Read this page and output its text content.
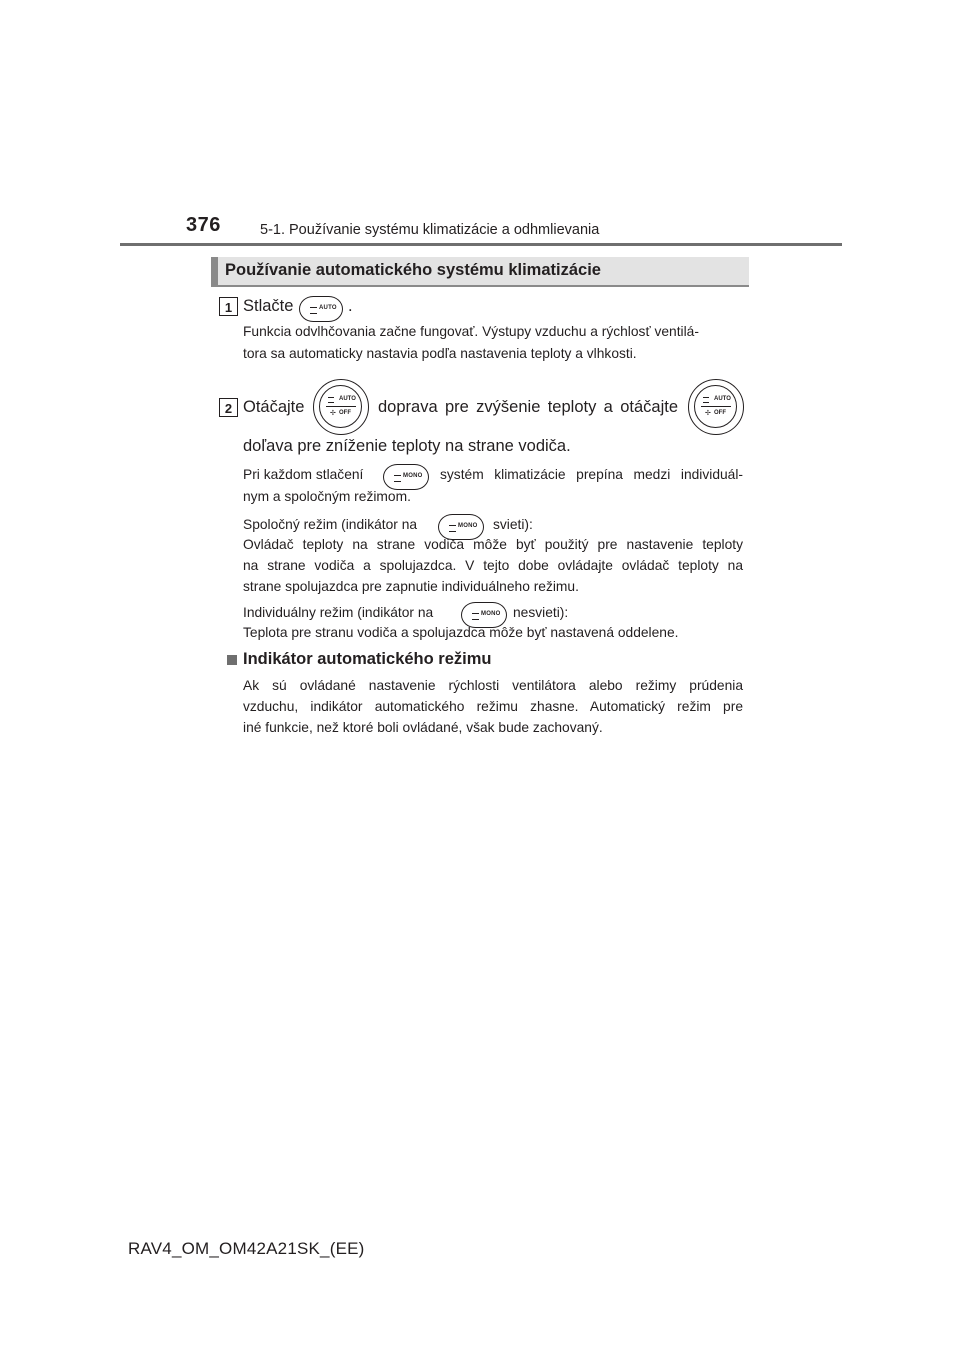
376	5-1. Používanie systému klimatizácie a odhmlievania
Používanie automatického systému klimatizácie
1 Stlačte	AUTO .
Funkcia odvlhčovania začne fungovať. Výstupy vzduchu a rýchlosť ventilá-
tora sa automaticky nastavia podľa nastavenia teploty a vlhkosti.
2 Otáčajte	AUTO
✢ OFF doprava pre zvýšenie teploty a otáčajte	AUTO
✢ OFF
doľava pre zníženie teploty na strane vodiča.
Pri každom stlačení	MONO systém klimatizácie prepína medzi individuál-
nym a spoločným režimom.
Spoločný režim (indikátor na	MONO svieti):
Ovládač teploty na strane vodiča môže byť použitý pre nastavenie teploty
na strane vodiča a spolujazdca. V tejto dobe ovládajte ovládač teploty na
strane spolujazdca pre zapnutie individuálneho režimu.
Individuálny režim (indikátor na	MONO nesvieti):
Teplota pre stranu vodiča a spolujazdca môže byť nastavená oddelene.
Indikátor automatického režimu
Ak sú ovládané nastavenie rýchlosti ventilátora alebo režimy prúdenia
vzduchu, indikátor automatického režimu zhasne. Automatický režim pre
iné funkcie, než ktoré boli ovládané, však bude zachovaný.
RAV4_OM_OM42A21SK_(EE)
